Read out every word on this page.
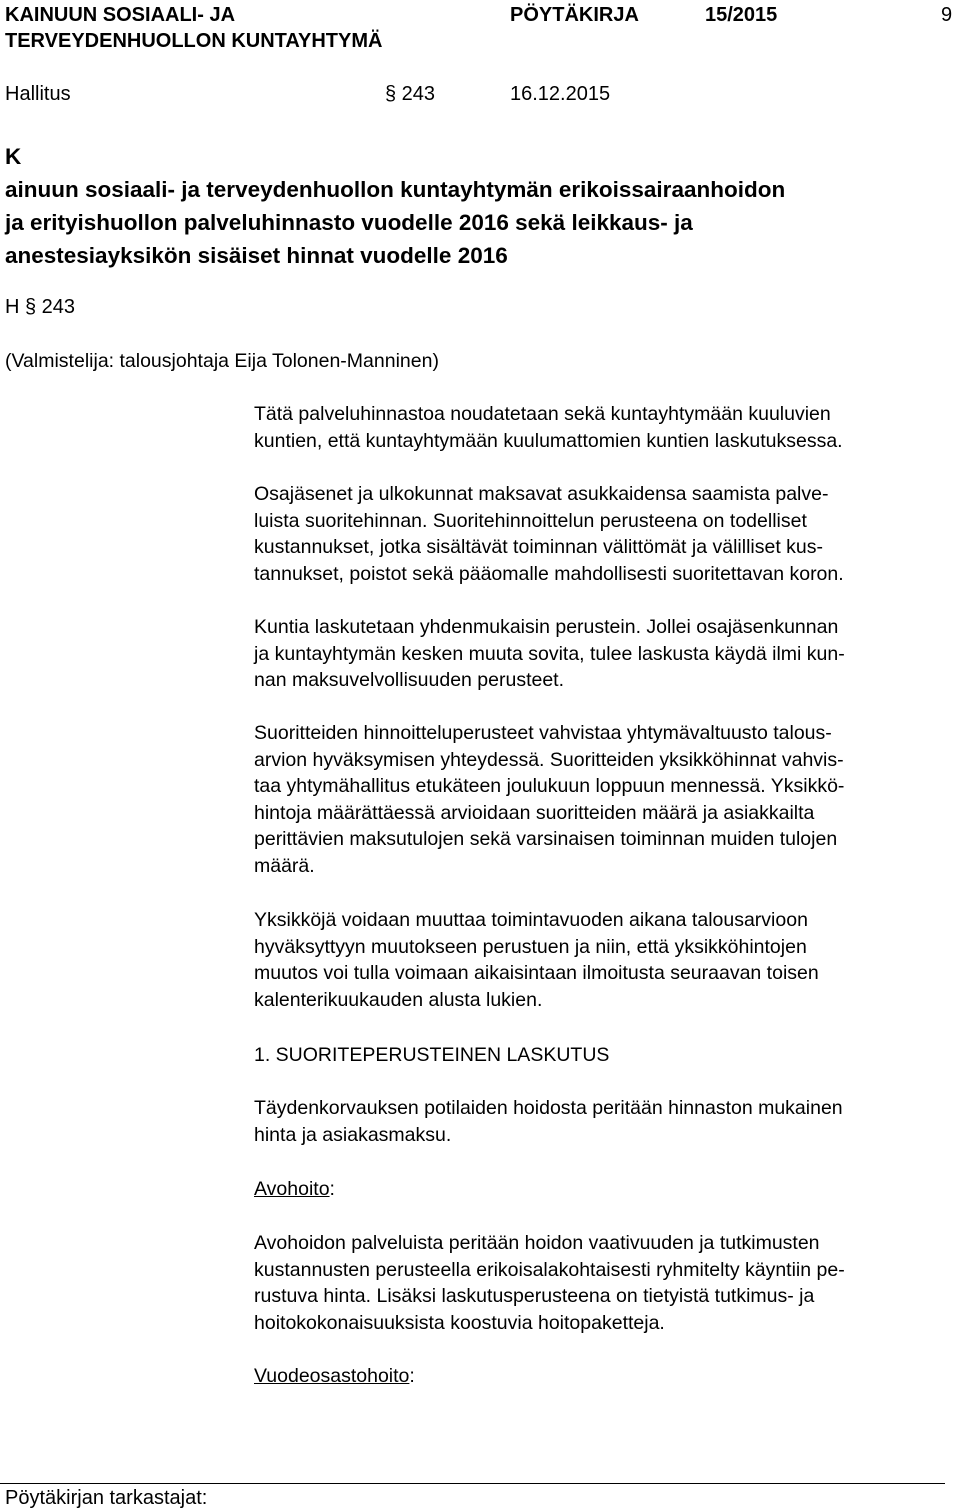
KAINUUN SOSIAALI- JA
TERVEYDENHUOLLON KUNTAYHTYMÄ
PÖYTÄKIRJA	15/2015	9
Hallitus	§ 243	16.12.2015
K
ainuun sosiaali- ja terveydenhuollon kuntayhtymän erikoissairaanhoidon
ja erityishuollon palveluhinnasto vuodelle 2016 sekä leikkaus- ja
anestesiayksikön sisäiset hinnat vuodelle 2016
H § 243
(Valmistelija: talousjohtaja Eija Tolonen-Manninen)
Tätä palveluhinnastoa noudatetaan sekä kuntayhtymään kuuluvien
kuntien, että kuntayhtymään kuulumattomien kuntien laskutuksessa.
Osajäsenet ja ulkokunnat maksavat asukkaidensa saamista palve-
luista suoritehinnan. Suoritehinnoittelun perusteena on todelliset
kustannukset, jotka sisältävät toiminnan välittömät ja välilliset kus-
tannukset, poistot sekä pääomalle mahdollisesti suoritettavan koron.
Kuntia laskutetaan yhdenmukaisin perustein. Jollei osajäsenkunnan
ja kuntayhtymän kesken muuta sovita, tulee laskusta käydä ilmi kun-
nan maksuvelvollisuuden perusteet.
Suoritteiden hinnoitteluperusteet vahvistaa yhtymävaltuusto talous-
arvion hyväksymisen yhteydessä. Suoritteiden yksikköhinnat vahvis-
taa yhtymähallitus etukäteen joulukuun loppuun mennessä. Yksikkö-
hintoja määrättäessä arvioidaan suoritteiden määrä ja asiakkailta
perittävien maksutulojen sekä varsinaisen toiminnan muiden tulojen
määrä.
Yksikköjä voidaan muuttaa toimintavuoden aikana talousarvioon
hyväksyttyyn muutokseen perustuen ja niin, että yksikköhintojen
muutos voi tulla voimaan aikaisintaan ilmoitusta seuraavan toisen
kalenterikuukauden alusta lukien.
1. SUORITEPERUSTEINEN LASKUTUS
Täydenkorvauksen potilaiden hoidosta peritään hinnaston mukainen
hinta ja asiakasmaksu.
Avohoito:
Avohoidon palveluista peritään hoidon vaativuuden ja tutkimusten
kustannusten perusteella erikoisalakohtaisesti ryhmitelty käyntiin pe-
rustuva hinta. Lisäksi laskutusperusteena on tietyistä tutkimus- ja
hoitokokonaisuuksista koostuvia hoitopaketteja.
Vuodeosastohoito:
Pöytäkirjan tarkastajat:
